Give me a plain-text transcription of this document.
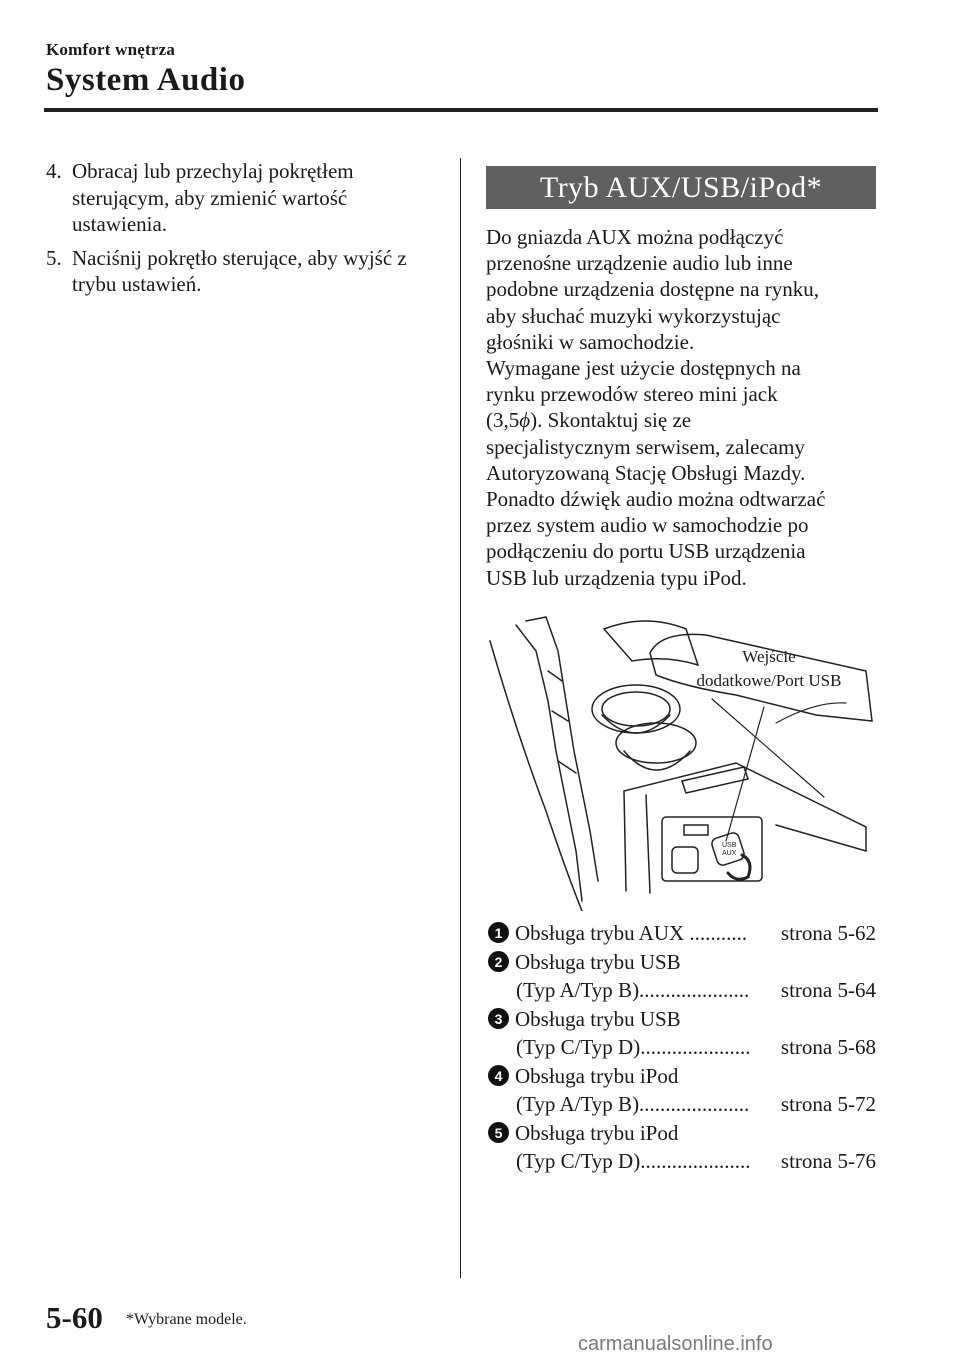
Komfort wnętrza
System Audio
4. Obracaj lub przechylaj pokrętłem sterującym, aby zmienić wartość ustawienia.
5. Naciśnij pokrętło sterujące, aby wyjść z trybu ustawień.
Tryb AUX/USB/iPod*

Do gniazda AUX można podłączyć

przenośne urządzenie audio lub inne

podobne urządzenia dostępne na rynku,

aby słuchać muzyki wykorzystując

głośniki w samochodzie.

Wymagane jest użycie dostępnych na

rynku przewodów stereo mini jack

(3,5ϕ). Skontaktuj się ze

specjalistycznym serwisem, zalecamy

Autoryzowaną Stację Obsługi Mazdy.

Ponadto dźwięk audio można odtwarzać

przez system audio w samochodzie po

podłączeniu do portu USB urządzenia

USB lub urządzenia typu iPod.

USB
AUX
Wejście
dodatkowe/Port USB
1 Obsługa trybu AUX ...........	strona 5-62
2 Obsługa trybu USB
(Typ A/Typ B).....................	strona 5-64
3 Obsługa trybu USB
(Typ C/Typ D).....................	strona 5-68
4 Obsługa trybu iPod
(Typ A/Typ B).....................	strona 5-72
5 Obsługa trybu iPod
(Typ C/Typ D).....................	strona 5-76
5-60 *Wybrane modele.
carmanualsonline.info
